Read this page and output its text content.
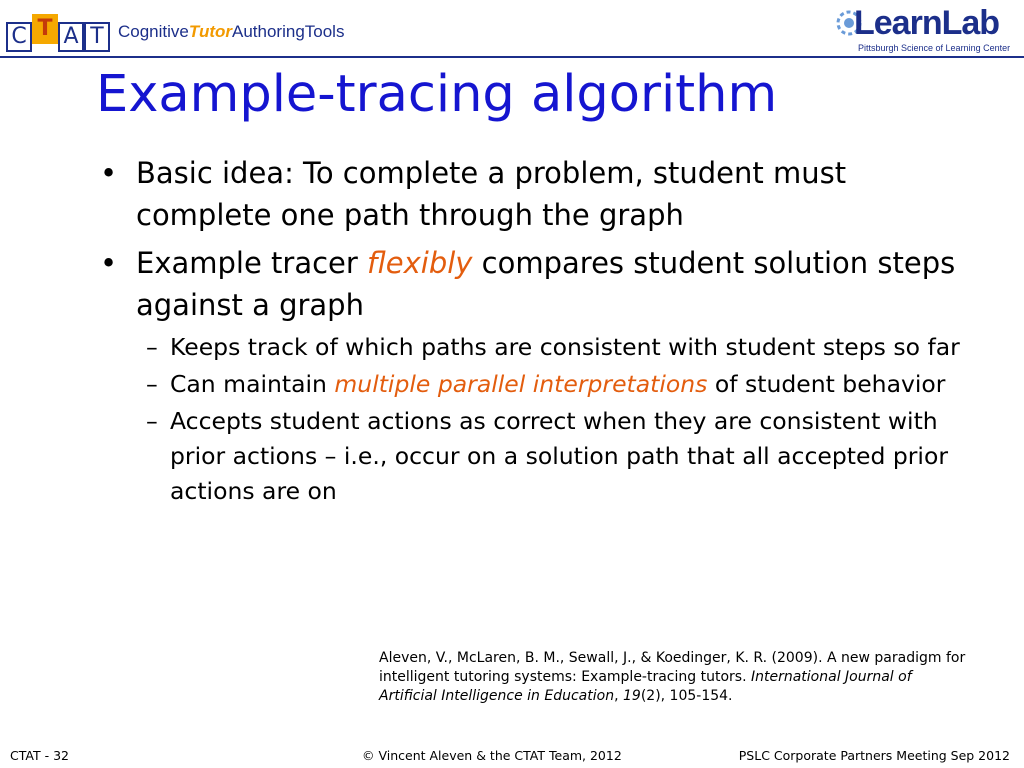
C T A T CognitiveTutorAuthoringTools	LearnLab
Pittsburgh Science of Learning Center
Example-tracing algorithm
• Basic idea: To complete a problem, student must complete one path through the graph
• Example tracer flexibly compares student solution steps against a graph
– Keeps track of which paths are consistent with student steps so far
– Can maintain multiple parallel interpretations of student behavior
– Accepts student actions as correct when they are consistent with prior actions – i.e., occur on a solution path that all accepted prior actions are on
Aleven, V., McLaren, B. M., Sewall, J., & Koedinger, K. R. (2009). A new paradigm for intelligent tutoring systems: Example-tracing tutors. International Journal of Artificial Intelligence in Education, 19(2), 105-154.
CTAT - 32	© Vincent Aleven & the CTAT Team, 2012	PSLC Corporate Partners Meeting Sep 2012
